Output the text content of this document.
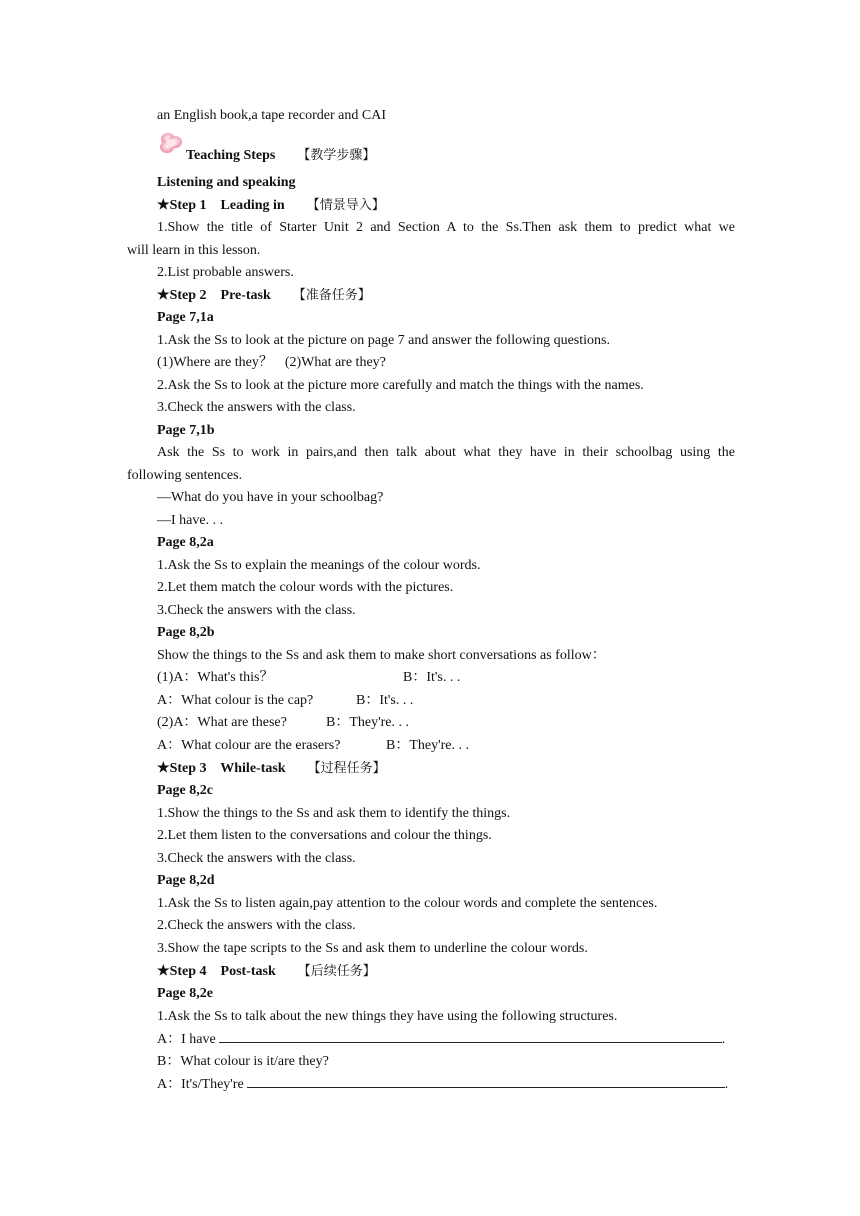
an English book,a tape recorder and CAI
Teaching Steps 【教学步骤】
Listening and speaking
★Step 1    Leading in 【情景导入】
1.Show the title of Starter Unit 2 and Section A to the Ss.Then ask them to predict what we
will learn in this lesson.
2.List probable answers.
★Step 2    Pre-task 【准备任务】
Page 7,1a
1.Ask the Ss to look at the picture on page 7 and answer the following questions.
(1)Where are they？ (2)What are they?
2.Ask the Ss to look at the picture more carefully and match the things with the names.
3.Check the answers with the class.
Page 7,1b
Ask the Ss to work in pairs,and then talk about what they have in their schoolbag using the
following sentences.
—What do you have in your schoolbag?
—I have. . .
Page 8,2a
1.Ask the Ss to explain the meanings of the colour words.
2.Let them match the colour words with the pictures.
3.Check the answers with the class.
Page 8,2b
Show the things to the Ss and ask them to make short conversations as follow：
(1)A：What's this？	B：It's. . .
A：What colour is the cap?	B：It's. . .
(2)A：What are these?	B：They're. . .
A：What colour are the erasers?	B：They're. . .
★Step 3    While-task 【过程任务】
Page 8,2c
1.Show the things to the Ss and ask them to identify the things.
2.Let them listen to the conversations and colour the things.
3.Check the answers with the class.
Page 8,2d
1.Ask the Ss to listen again,pay attention to the colour words and complete the sentences.
2.Check the answers with the class.
3.Show the tape scripts to the Ss and ask them to underline the colour words.
★Step 4    Post-task 【后续任务】
Page 8,2e
1.Ask the Ss to talk about the new things they have using the following structures.
A：I have	.
B：What colour is it/are they?
A：It's/They're	.
